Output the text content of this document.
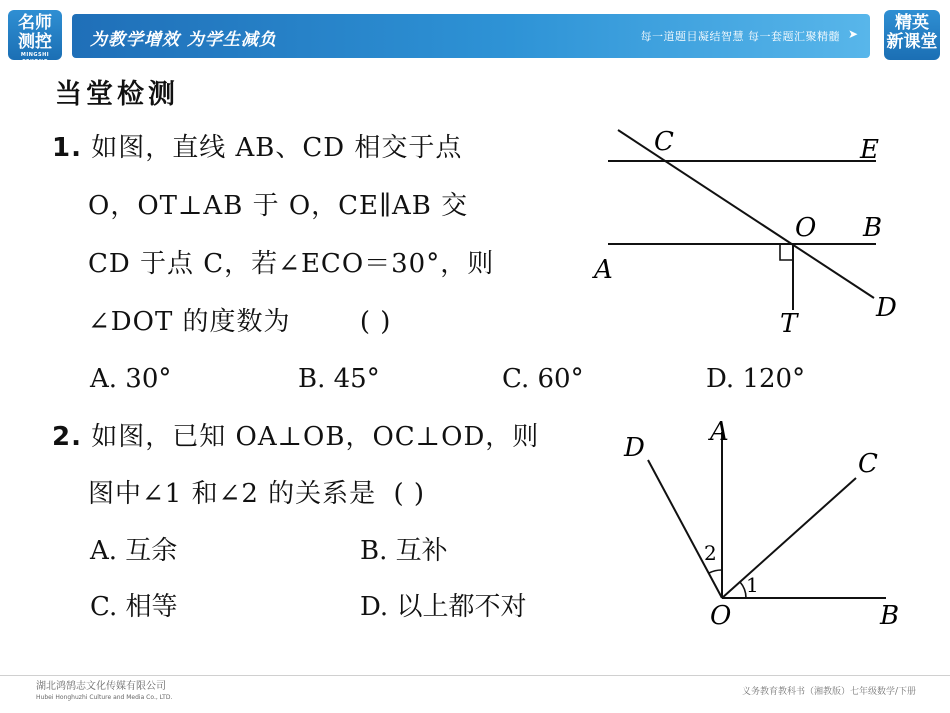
名师
测控
MINGSHI CEKONG
为教学增效 为学生减负	每一道题目凝结智慧 每一套题汇聚精髓 ➤
精英
新课堂
当堂检测
1. 如图，直线 AB、CD 相交于点
O，OT⊥AB 于 O，CE∥AB 交
CD 于点 C，若∠ECO＝30°，则
∠DOT 的度数为	( )
A. 30°	B. 45°	C. 60°	D. 120°
C	E
O B
A
T
D
2. 如图，已知 OA⊥OB，OC⊥OD，则
图中∠1 和∠2 的关系是 ( )
A. 互余	B. 互补
C. 相等	D. 以上都不对
A
C
D
O	B
1
2
湖北鸿鹄志文化传媒有限公司
Hubei Honghuzhi Culture and Media Co., LTD.
义务教育教科书（湘教版）七年级数学/下册
